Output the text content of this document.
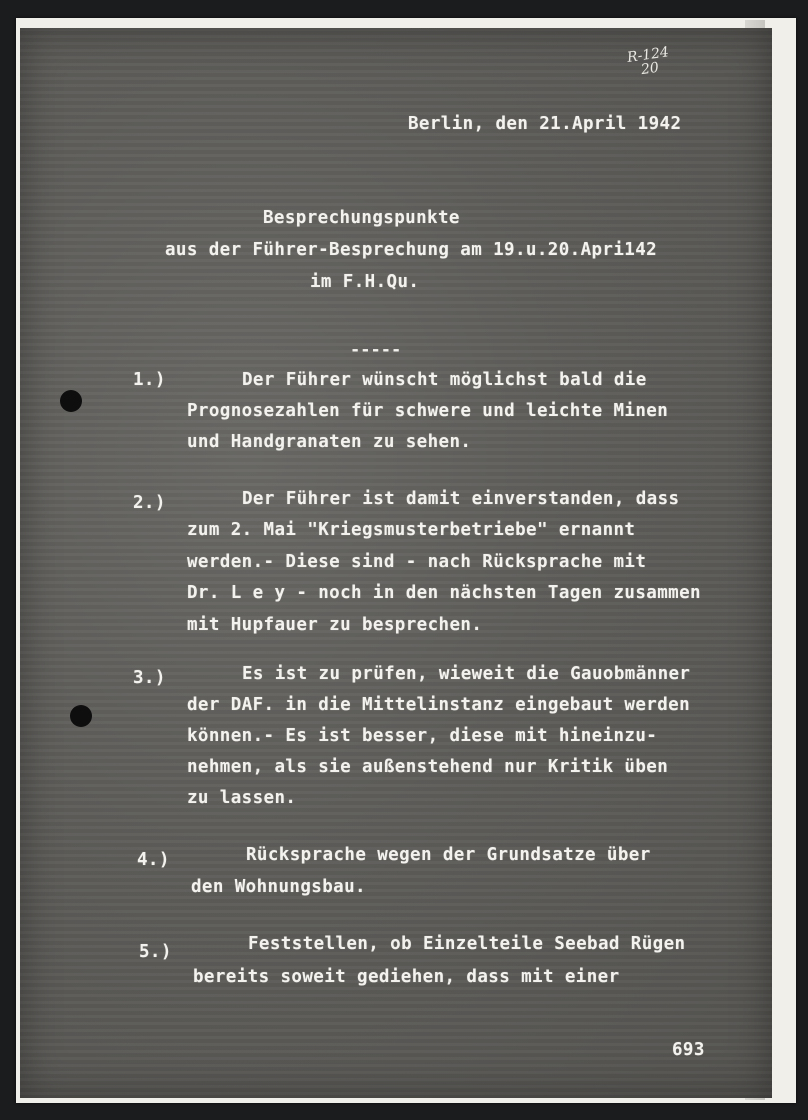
R-124
20
Berlin, den 21.April 1942
Besprechungspunkte
aus der Führer-Besprechung am 19.u.20.Apri142
im F.H.Qu.
-----
1.)	Der Führer wünscht möglichst bald die
Prognosezahlen für schwere und leichte Minen
und Handgranaten zu sehen.
2.)	Der Führer ist damit einverstanden, dass
zum 2. Mai "Kriegsmusterbetriebe" ernannt
werden.- Diese sind - nach Rücksprache mit
Dr. L e y - noch in den nächsten Tagen zusammen
mit Hupfauer zu besprechen.
3.)	Es ist zu prüfen, wieweit die Gauobmänner
der DAF. in die Mittelinstanz eingebaut werden
können.- Es ist besser, diese mit hineinzu-
nehmen, als sie außenstehend nur Kritik üben
zu lassen.
4.)	Rücksprache wegen der Grundsatze über
den Wohnungsbau.
5.)	Feststellen, ob Einzelteile Seebad Rügen
bereits soweit gediehen, dass mit einer
693
